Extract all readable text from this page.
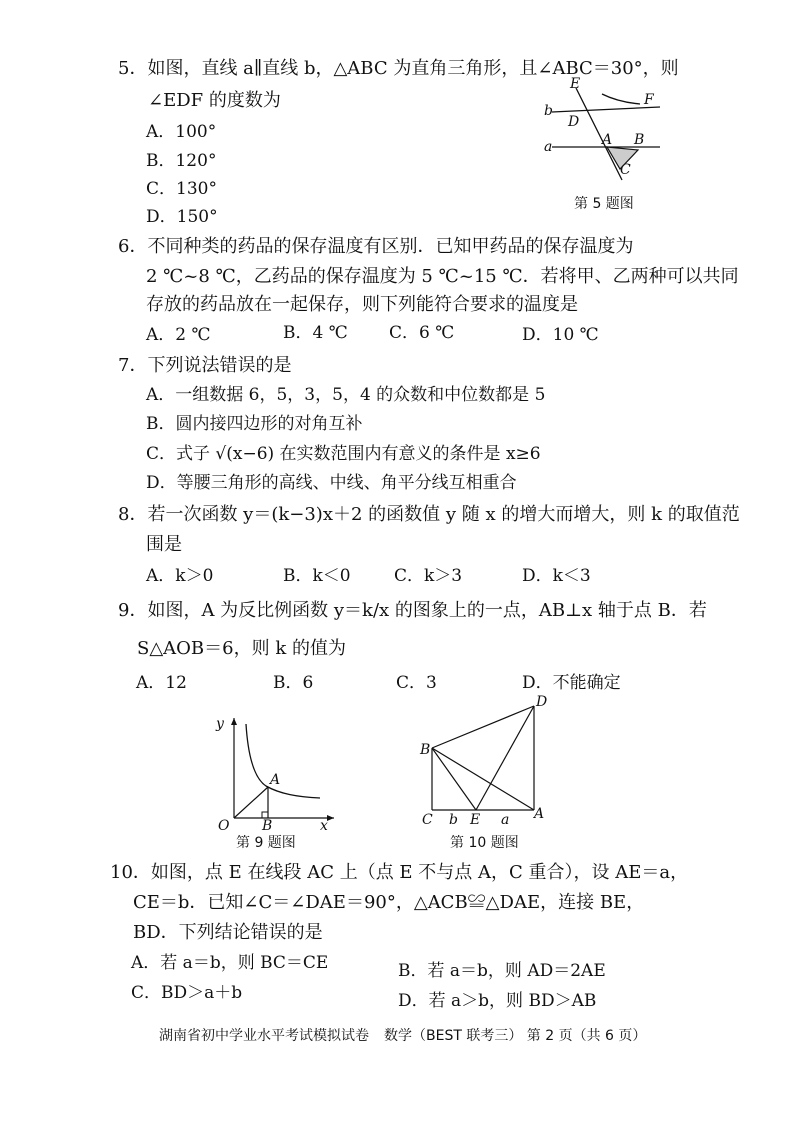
5．如图，直线 a∥直线 b，△ABC 为直角三角形，且∠ABC＝30°，则
∠EDF 的度数为
A．100°
B．120°
C．130°
D．150°
E
F
b
D
a	A B
C
第 5 题图
6．不同种类的药品的保存温度有区别．已知甲药品的保存温度为
2 ℃~8 ℃，乙药品的保存温度为 5 ℃~15 ℃．若将甲、乙两种可以共同
存放的药品放在一起保存，则下列能符合要求的温度是
A．2 ℃	B．4 ℃ C．6 ℃	D．10 ℃
7．下列说法错误的是
A．一组数据 6，5，3，5，4 的众数和中位数都是 5
B．圆内接四边形的对角互补
C．式子 √(x−6) 在实数范围内有意义的条件是 x≥6
D．等腰三角形的高线、中线、角平分线互相重合
8．若一次函数 y＝(k−3)x＋2 的函数值 y 随 x 的增大而增大，则 k 的取值范
围是
A．k＞0	B．k＜0	C．k＞3	D．k＜3
9．如图，A 为反比例函数 y＝k/x 的图象上的一点，AB⊥x 轴于点 B．若
S△AOB＝6，则 k 的值为
A．12	B．6	C．3	D．不能确定
y
x
O
A
B
第 9 题图
D
B
C b E a A
第 10 题图
10．如图，点 E 在线段 AC 上（点 E 不与点 A，C 重合），设 AE＝a，
CE＝b．已知∠C＝∠DAE＝90°，△ACB≌△DAE，连接 BE，
BD．下列结论错误的是
A．若 a＝b，则 BC＝CE	B．若 a＝b，则 AD＝2AE
C．BD＞a＋b	D．若 a＞b，则 BD＞AB
湖南省初中学业水平考试模拟试卷 数学（BEST 联考三） 第 2 页（共 6 页）
